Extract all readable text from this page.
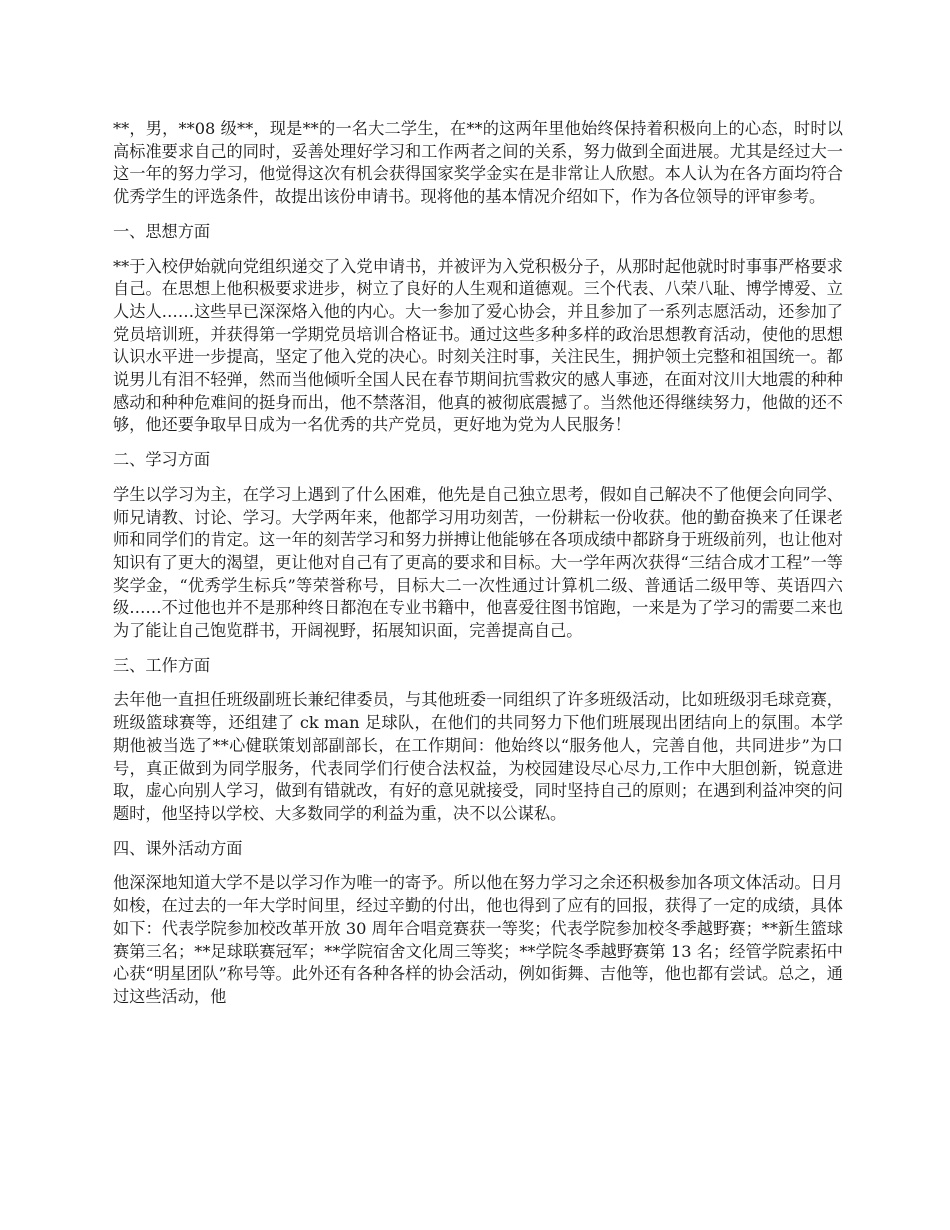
**，男，**08 级**，现是**的一名大二学生，在**的这两年里他始终保持着积极向上的心态，时时以高标准要求自己的同时，妥善处理好学习和工作两者之间的关系，努力做到全面进展。尤其是经过大一这一年的努力学习，他觉得这次有机会获得国家奖学金实在是非常让人欣慰。本人认为在各方面均符合优秀学生的评选条件，故提出该份申请书。现将他的基本情况介绍如下，作为各位领导的评审参考。

一、思想方面

**于入校伊始就向党组织递交了入党申请书，并被评为入党积极分子，从那时起他就时时事事严格要求自己。在思想上他积极要求进步，树立了良好的人生观和道德观。三个代表、八荣八耻、博学博爱、立人达人……这些早已深深烙入他的内心。大一参加了爱心协会，并且参加了一系列志愿活动，还参加了党员培训班，并获得第一学期党员培训合格证书。通过这些多种多样的政治思想教育活动，使他的思想认识水平进一步提高，坚定了他入党的决心。时刻关注时事，关注民生，拥护领土完整和祖国统一。都说男儿有泪不轻弹，然而当他倾听全国人民在春节期间抗雪救灾的感人事迹，在面对汶川大地震的种种感动和种种危难间的挺身而出，他不禁落泪，他真的被彻底震撼了。当然他还得继续努力，他做的还不够，他还要争取早日成为一名优秀的共产党员，更好地为党为人民服务！

二、学习方面

学生以学习为主，在学习上遇到了什么困难，他先是自己独立思考，假如自己解决不了他便会向同学、师兄请教、讨论、学习。大学两年来，他都学习用功刻苦，一份耕耘一份收获。他的勤奋换来了任课老师和同学们的肯定。这一年的刻苦学习和努力拼搏让他能够在各项成绩中都跻身于班级前列，也让他对知识有了更大的渴望，更让他对自己有了更高的要求和目标。大一学年两次获得“三结合成才工程”一等奖学金，“优秀学生标兵”等荣誉称号，目标大二一次性通过计算机二级、普通话二级甲等、英语四六级……不过他也并不是那种终日都泡在专业书籍中，他喜爱往图书馆跑，一来是为了学习的需要二来也为了能让自己饱览群书，开阔视野，拓展知识面，完善提高自己。

三、工作方面

去年他一直担任班级副班长兼纪律委员，与其他班委一同组织了许多班级活动，比如班级羽毛球竞赛，班级篮球赛等，还组建了 ck man 足球队，在他们的共同努力下他们班展现出团结向上的氛围。本学期他被当选了**心健联策划部副部长，在工作期间：他始终以“服务他人，完善自他，共同进步”为口号，真正做到为同学服务，代表同学们行使合法权益，为校园建设尽心尽力,工作中大胆创新，锐意进取，虚心向别人学习，做到有错就改，有好的意见就接受，同时坚持自己的原则；在遇到利益冲突的问题时，他坚持以学校、大多数同学的利益为重，决不以公谋私。

四、课外活动方面

他深深地知道大学不是以学习作为唯一的寄予。所以他在努力学习之余还积极参加各项文体活动。日月如梭，在过去的一年大学时间里，经过辛勤的付出，他也得到了应有的回报，获得了一定的成绩，具体如下：代表学院参加校改革开放 30 周年合唱竞赛获一等奖；代表学院参加校冬季越野赛；**新生篮球赛第三名；**足球联赛冠军；**学院宿舍文化周三等奖；**学院冬季越野赛第 13 名；经管学院素拓中心获“明星团队”称号等。此外还有各种各样的协会活动，例如街舞、吉他等，他也都有尝试。总之，通过这些活动，他
